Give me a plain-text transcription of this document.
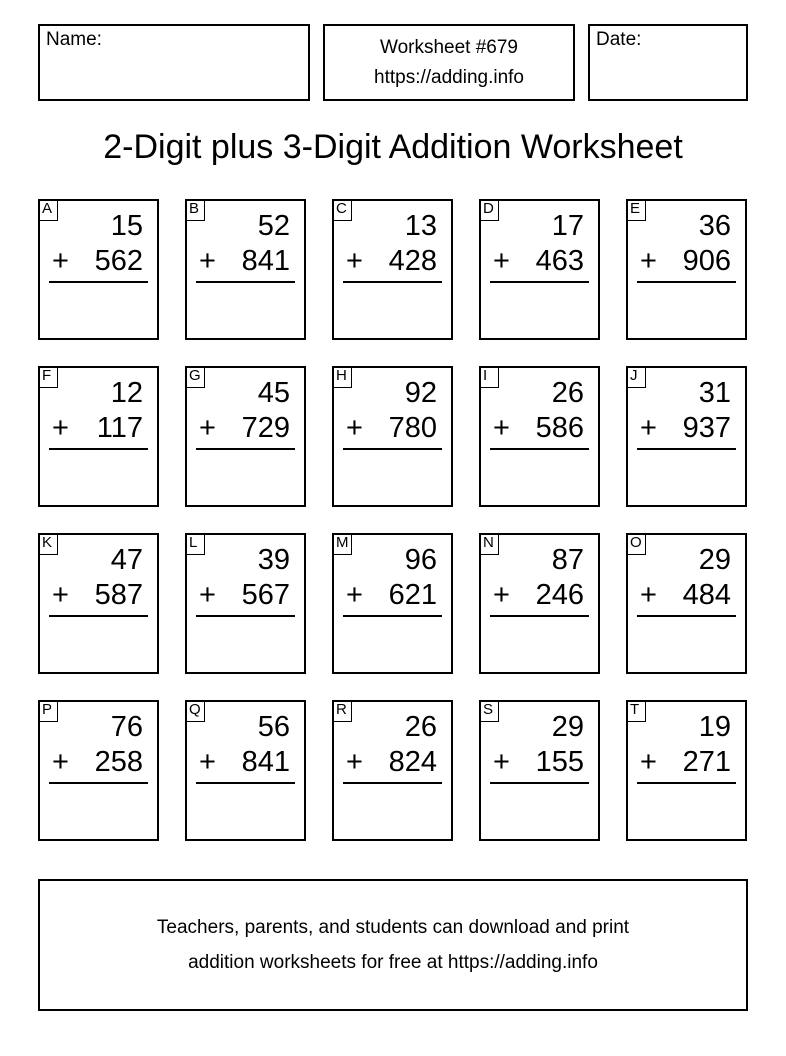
Name:	Worksheet #679
https://adding.info
Date:
2-Digit plus 3-Digit Addition Worksheet
A
15
+ 562
B
52
+ 841
C
13
+ 428
D
17
+ 463
E
36
+ 906
F
12
+ 117
G
45
+ 729
H
92
+ 780
I
26
+ 586
J
31
+ 937
K
47
+ 587
L
39
+ 567
M
96
+ 621
N
87
+ 246
O
29
+ 484
P
76
+ 258
Q
56
+ 841
R
26
+ 824
S
29
+ 155
T
19
+ 271
Teachers, parents, and students can download and print
addition worksheets for free at https://adding.info
